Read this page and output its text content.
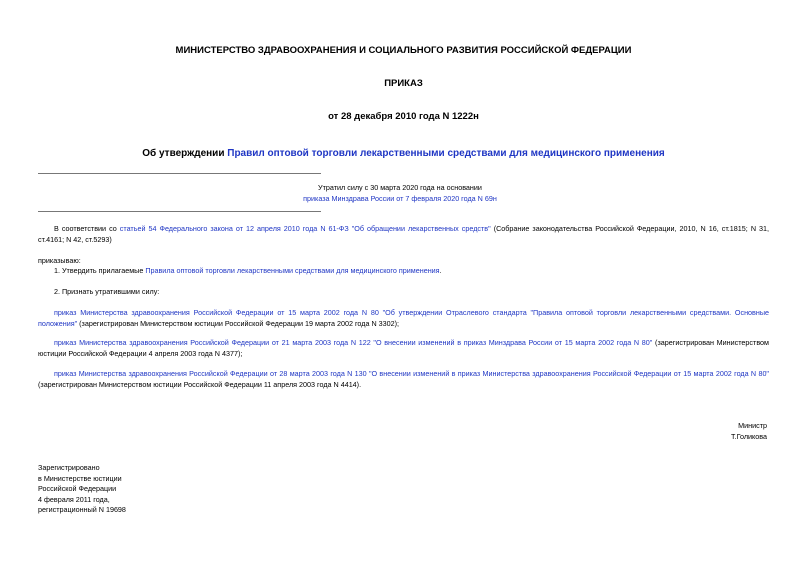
МИНИСТЕРСТВО ЗДРАВООХРАНЕНИЯ И СОЦИАЛЬНОГО РАЗВИТИЯ РОССИЙСКОЙ ФЕДЕРАЦИИ
ПРИКАЗ
от 28 декабря 2010 года N 1222н
Об утверждении Правил оптовой торговли лекарственными средствами для медицинского применения
Утратил силу с 30 марта 2020 года на основании
приказа Минздрава России от 7 февраля 2020 года N 69н
В соответствии со статьей 54 Федерального закона от 12 апреля 2010 года N 61-ФЗ "Об обращении лекарственных средств" (Собрание законодательства Российской Федерации, 2010, N 16, ст.1815; N 31, ст.4161; N 42, ст.5293)
приказываю:
1. Утвердить прилагаемые Правила оптовой торговли лекарственными средствами для медицинского применения.
2. Признать утратившими силу:
приказ Министерства здравоохранения Российской Федерации от 15 марта 2002 года N 80 "Об утверждении Отраслевого стандарта "Правила оптовой торговли лекарственными средствами. Основные положения" (зарегистрирован Министерством юстиции Российской Федерации 19 марта 2002 года N 3302);
приказ Министерства здравоохранения Российской Федерации от 21 марта 2003 года N 122 "О внесении изменений в приказ Минздрава России от 15 марта 2002 года N 80" (зарегистрирован Министерством юстиции Российской Федерации 4 апреля 2003 года N 4377);
приказ Министерства здравоохранения Российской Федерации от 28 марта 2003 года N 130 "О внесении изменений в приказ Министерства здравоохранения Российской Федерации от 15 марта 2002 года N 80" (зарегистрирован Министерством юстиции Российской Федерации 11 апреля 2003 года N 4414).
Министр
Т.Голикова
Зарегистрировано
в Министерстве юстиции
Российской Федерации
4 февраля 2011 года,
регистрационный N 19698
